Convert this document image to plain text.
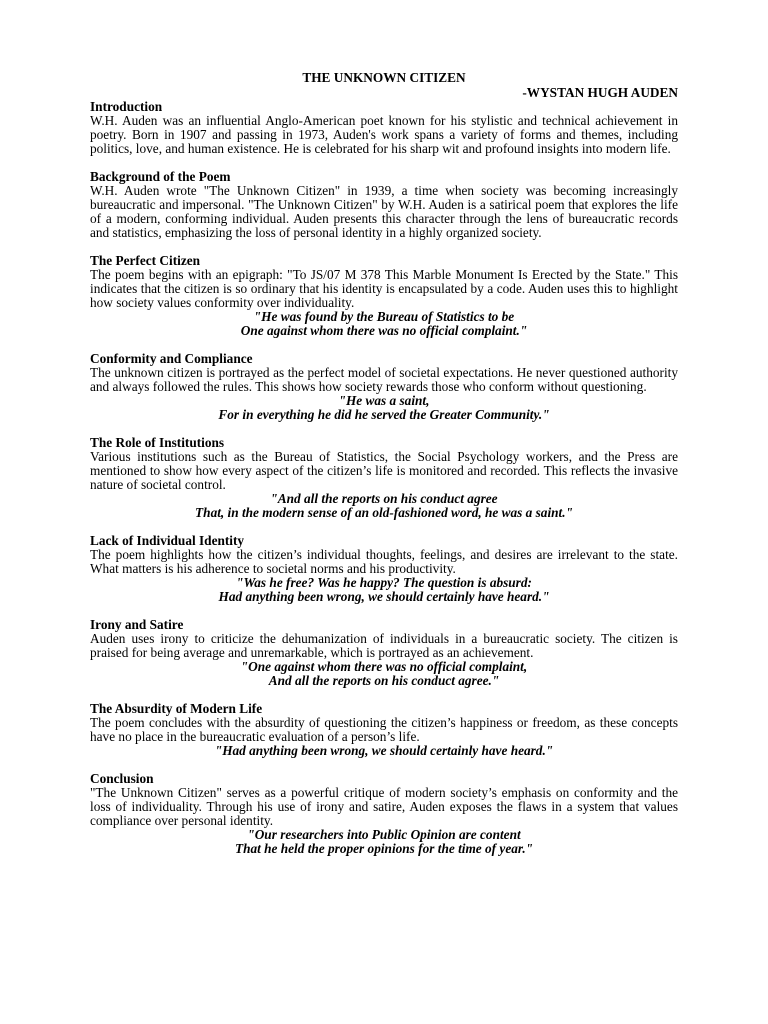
THE UNKNOWN CITIZEN
-WYSTAN HUGH AUDEN
Introduction

W.H. Auden was an influential Anglo-American poet known for his stylistic and technical achievement in poetry. Born in 1907 and passing in 1973, Auden's work spans a variety of forms and themes, including politics, love, and human existence. He is celebrated for his sharp wit and profound insights into modern life.

Background of the Poem

W.H. Auden wrote "The Unknown Citizen" in 1939, a time when society was becoming increasingly bureaucratic and impersonal. "The Unknown Citizen" by W.H. Auden is a satirical poem that explores the life of a modern, conforming individual. Auden presents this character through the lens of bureaucratic records and statistics, emphasizing the loss of personal identity in a highly organized society.

The Perfect Citizen

The poem begins with an epigraph: "To JS/07 M 378 This Marble Monument Is Erected by the State." This indicates that the citizen is so ordinary that his identity is encapsulated by a code. Auden uses this to highlight how society values conformity over individuality.

"He was found by the Bureau of Statistics to be
One against whom there was no official complaint."
Conformity and Compliance

The unknown citizen is portrayed as the perfect model of societal expectations. He never questioned authority and always followed the rules. This shows how society rewards those who conform without questioning.

"He was a saint,
For in everything he did he served the Greater Community."
The Role of Institutions

Various institutions such as the Bureau of Statistics, the Social Psychology workers, and the Press are mentioned to show how every aspect of the citizen’s life is monitored and recorded. This reflects the invasive nature of societal control.

"And all the reports on his conduct agree
That, in the modern sense of an old-fashioned word, he was a saint."
Lack of Individual Identity

The poem highlights how the citizen’s individual thoughts, feelings, and desires are irrelevant to the state. What matters is his adherence to societal norms and his productivity.

"Was he free? Was he happy? The question is absurd:
Had anything been wrong, we should certainly have heard."
Irony and Satire

Auden uses irony to criticize the dehumanization of individuals in a bureaucratic society. The citizen is praised for being average and unremarkable, which is portrayed as an achievement.

"One against whom there was no official complaint,
And all the reports on his conduct agree."
The Absurdity of Modern Life

The poem concludes with the absurdity of questioning the citizen’s happiness or freedom, as these concepts have no place in the bureaucratic evaluation of a person’s life.

"Had anything been wrong, we should certainly have heard."
Conclusion

"The Unknown Citizen" serves as a powerful critique of modern society’s emphasis on conformity and the loss of individuality. Through his use of irony and satire, Auden exposes the flaws in a system that values compliance over personal identity.

"Our researchers into Public Opinion are content
That he held the proper opinions for the time of year."
